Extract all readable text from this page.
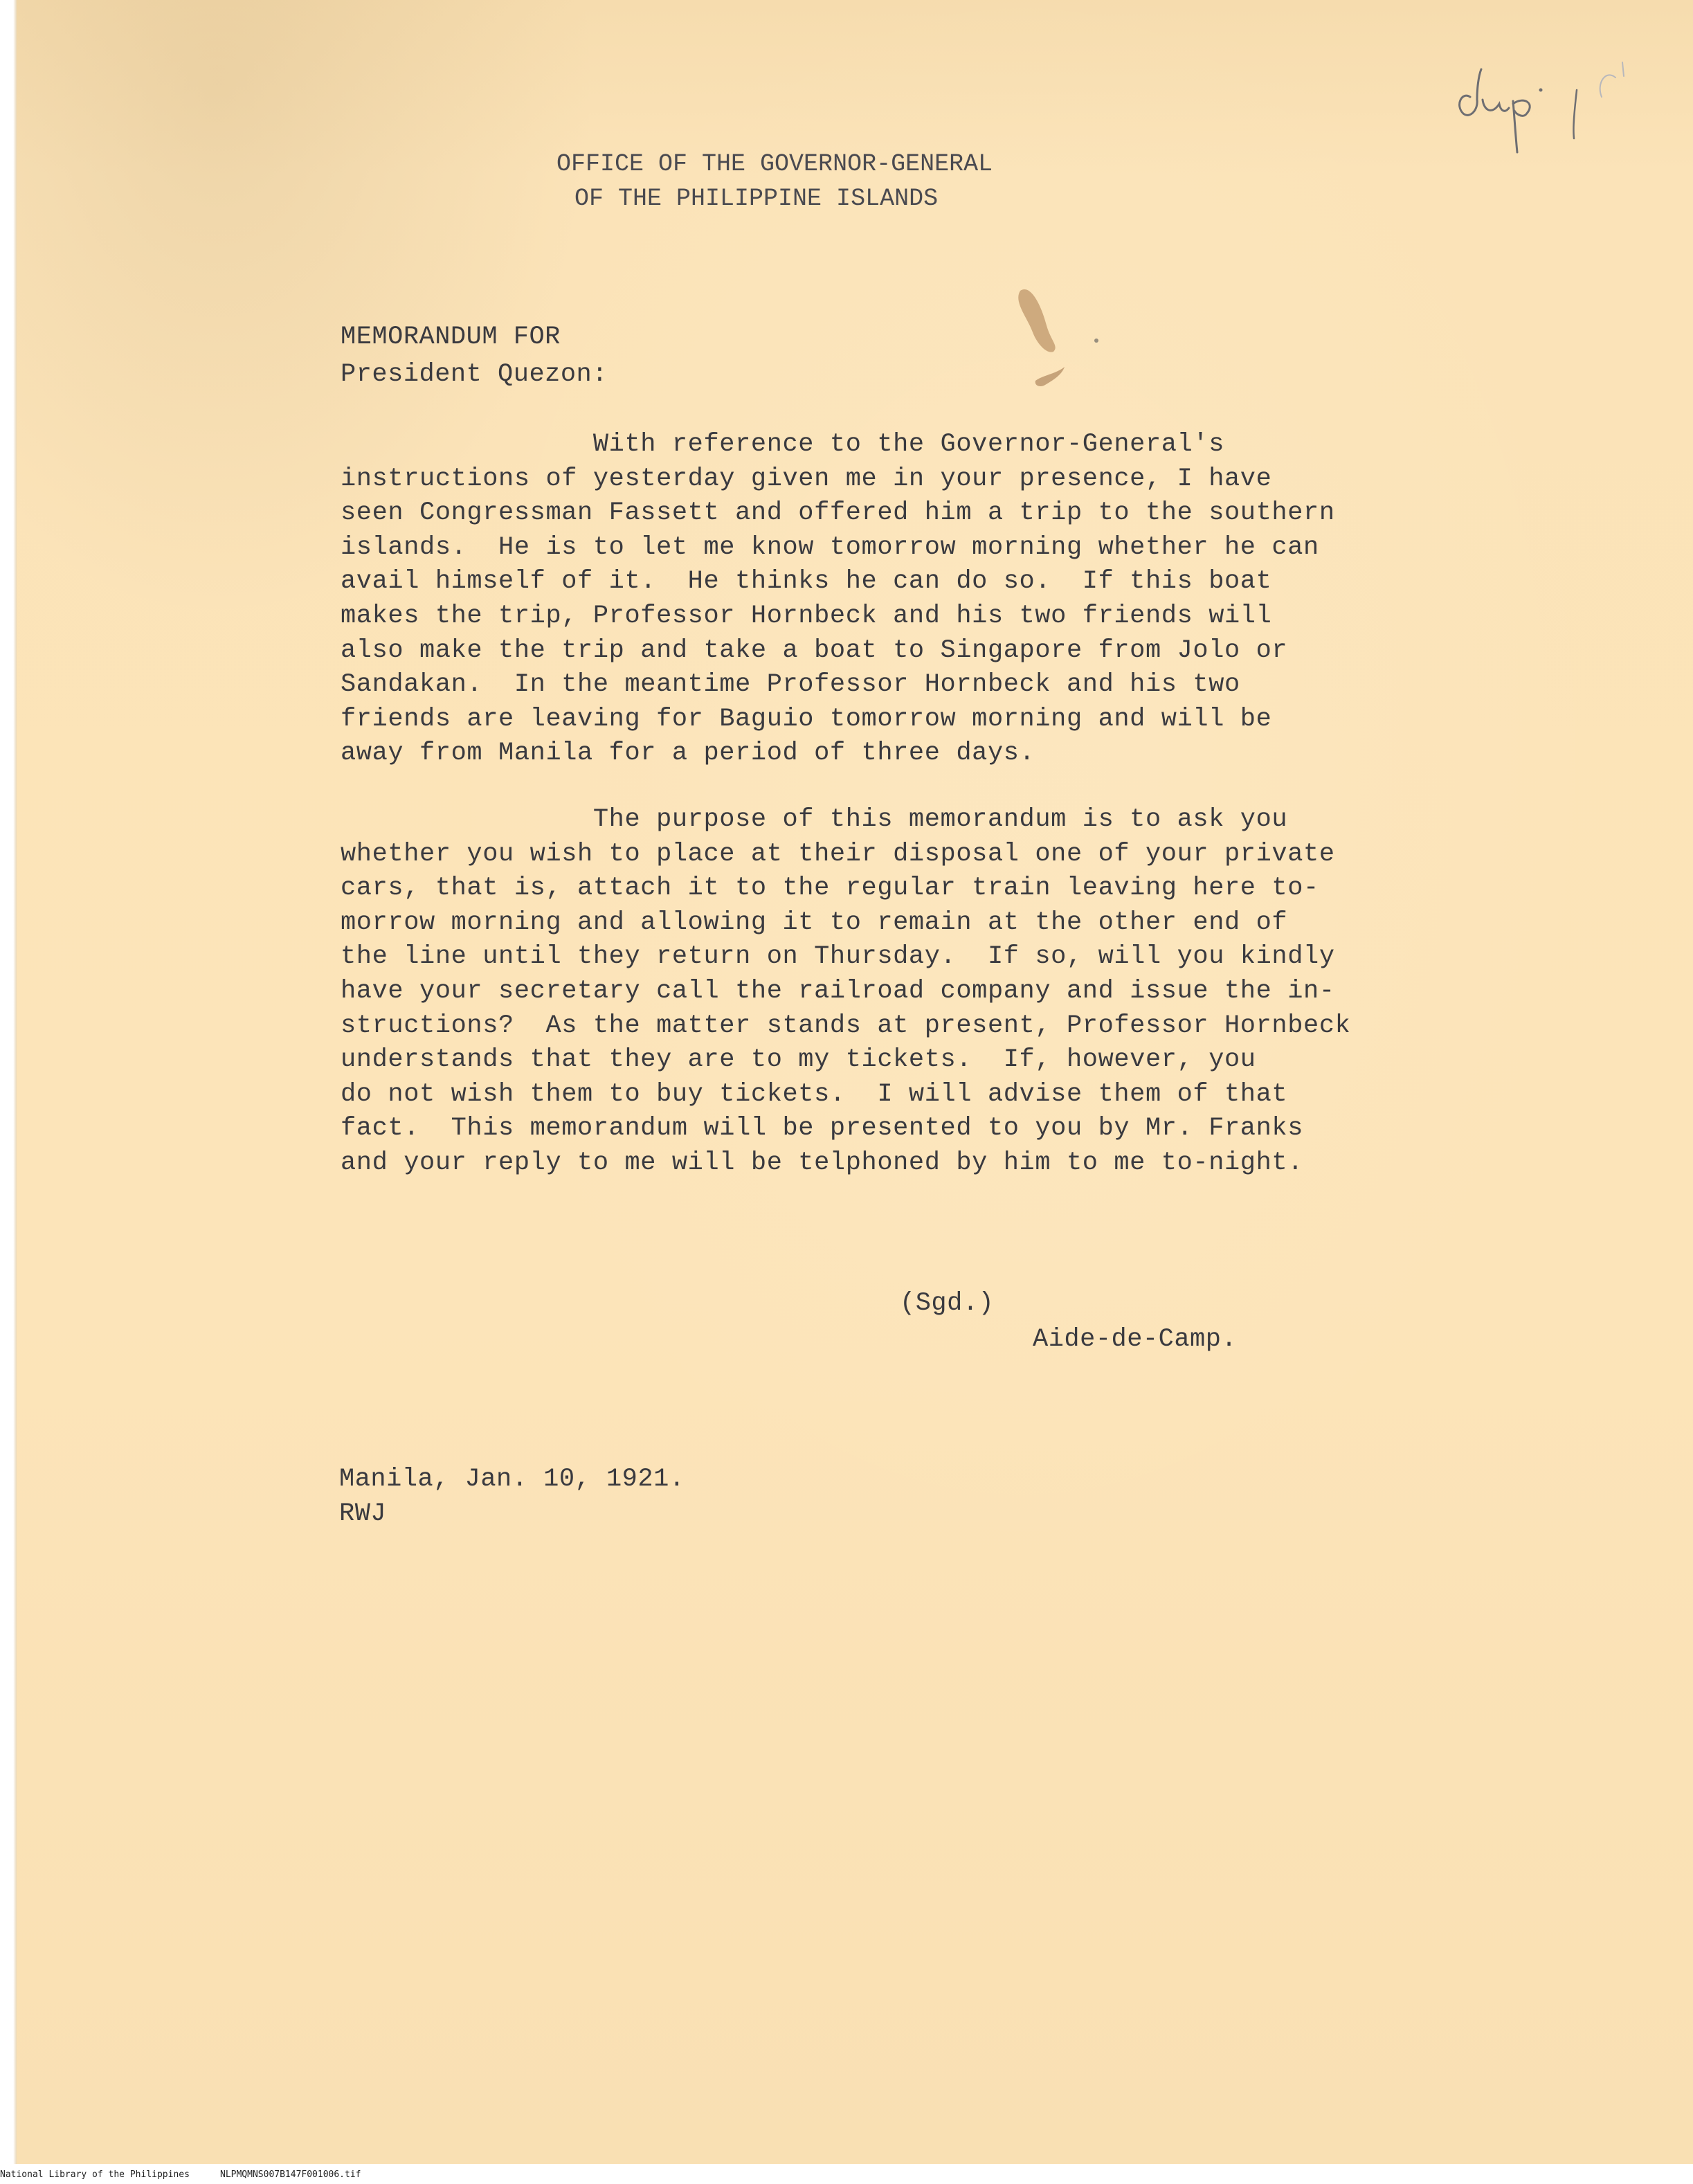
OFFICE OF THE GOVERNOR-GENERAL
OF THE PHILIPPINE ISLANDS
MEMORANDUM FOR
President Quezon:
With reference to the Governor-General's
instructions of yesterday given me in your presence, I have
seen Congressman Fassett and offered him a trip to the southern
islands.  He is to let me know tomorrow morning whether he can
avail himself of it.  He thinks he can do so.  If this boat
makes the trip, Professor Hornbeck and his two friends will
also make the trip and take a boat to Singapore from Jolo or
Sandakan.  In the meantime Professor Hornbeck and his two
friends are leaving for Baguio tomorrow morning and will be
away from Manila for a period of three days.
The purpose of this memorandum is to ask you
whether you wish to place at their disposal one of your private
cars, that is, attach it to the regular train leaving here to-
morrow morning and allowing it to remain at the other end of
the line until they return on Thursday.  If so, will you kindly
have your secretary call the railroad company and issue the in-
structions?  As the matter stands at present, Professor Hornbeck
understands that they are to my tickets.  If, however, you
do not wish them to buy tickets.  I will advise them of that
fact.  This memorandum will be presented to you by Mr. Franks
and your reply to me will be telphoned by him to me to-night.
(Sgd.)
Aide-de-Camp.
Manila, Jan. 10, 1921.
RWJ
National Library of the Philippines	NLPMQMNS007B147F001006.tif
